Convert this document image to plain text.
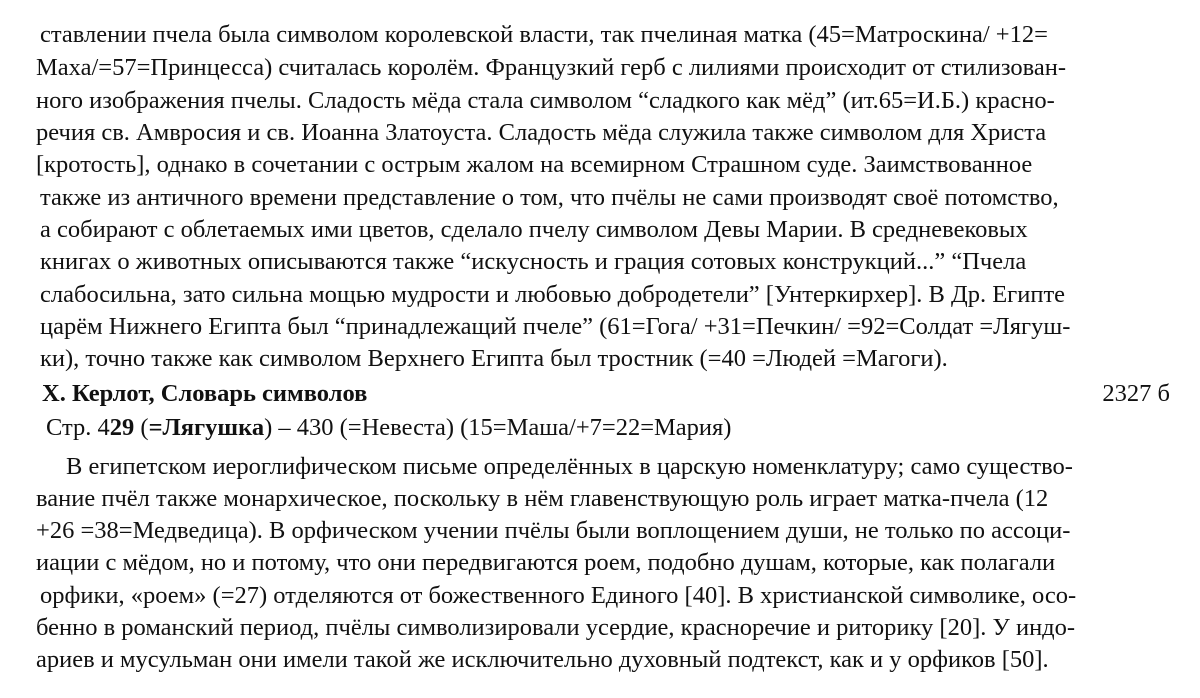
ставлении пчела была символом королевской власти, так пчелиная матка (45=Матроскина/ +12=
Маха/=57=Принцесса) считалась королём. Французкий герб с лилиями происходит от стилизован-
ного изображения пчелы. Сладость мёда стала символом “сладкого как мёд” (ит.65=И.Б.) красно-
речия св. Амвросия и св. Иоанна Златоуста. Сладость мёда служила также символом для Христа
[кротость], однако в сочетании с острым жалом на всемирном Страшном суде. Заимствованное
также из античного времени представление о том, что пчёлы не сами производят своё потомство,
а собирают с облетаемых ими цветов, сделало пчелу символом Девы Марии. В средневековых
книгах о животных описываются также “искусность и грация сотовых конструкций...” “Пчела
слабосильна, зато сильна мощью мудрости и любовью добродетели” [Унтеркирхер]. В Др. Египте
царём Нижнего Египта был “принадлежащий пчеле” (61=Гога/ +31=Печкин/ =92=Солдат =Лягуш-
ки), точно также как символом Верхнего Египта был тростник (=40 =Людей =Магоги).
Х. Керлот, Словарь символов	2327 б
Стр. 429 (=Лягушка) – 430 (=Невеста) (15=Маша/+7=22=Мария)
В египетском иероглифическом письме определённых в царскую номенклатуру; само существо-
вание пчёл также монархическое, поскольку в нём главенствующую роль играет матка-пчела (12
+26 =38=Медведица). В орфическом учении пчёлы были воплощением души, не только по ассоци-
иации с мёдом, но и потому, что они передвигаются роем, подобно душам, которые, как полагали
орфики, «роем» (=27) отделяются от божественного Единого [40]. В христианской символике, осо-
бенно в романский период, пчёлы символизировали усердие, красноречие и риторику [20]. У индо-
ариев и мусульман они имели такой же исключительно духовный подтекст, как и у орфиков [50].
